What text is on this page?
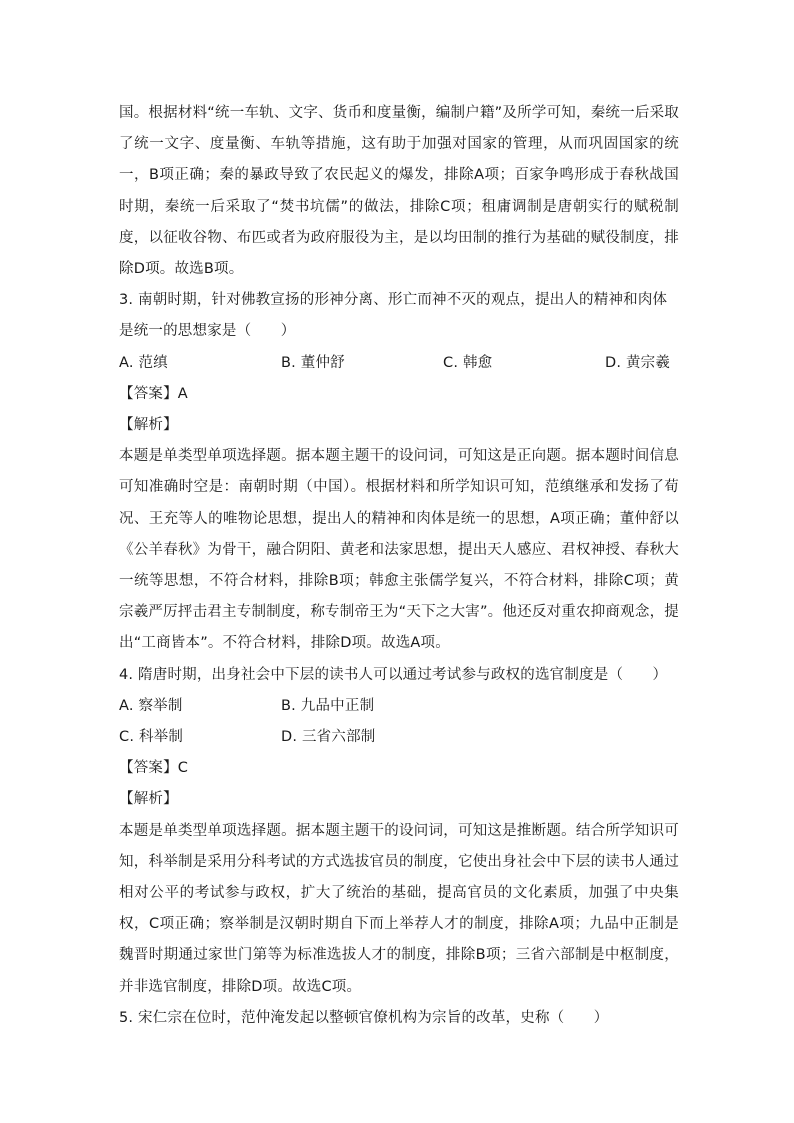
国。根据材料“统一车轨、文字、货币和度量衡，编制户籍”及所学可知，秦统一后采取了统一文字、度量衡、车轨等措施，这有助于加强对国家的管理，从而巩固国家的统一，B项正确；秦的暴政导致了农民起义的爆发，排除A项；百家争鸣形成于春秋战国时期，秦统一后采取了“焚书坑儒”的做法，排除C项；租庸调制是唐朝实行的赋税制度，以征收谷物、布匹或者为政府服役为主，是以均田制的推行为基础的赋役制度，排除D项。故选B项。

3. 南朝时期，针对佛教宣扬的形神分离、形亡而神不灭的观点，提出人的精神和肉体是统一的思想家是（　　）

A. 范缜	B. 董仲舒	C. 韩愈	D. 黄宗羲

【答案】A

【解析】

本题是单类型单项选择题。据本题主题干的设问词，可知这是正向题。据本题时间信息可知准确时空是：南朝时期（中国）。根据材料和所学知识可知，范缜继承和发扬了荀况、王充等人的唯物论思想，提出人的精神和肉体是统一的思想，A项正确；董仲舒以《公羊春秋》为骨干，融合阴阳、黄老和法家思想，提出天人感应、君权神授、春秋大一统等思想，不符合材料，排除B项；韩愈主张儒学复兴，不符合材料，排除C项；黄宗羲严厉抨击君主专制制度，称专制帝王为“天下之大害”。他还反对重农抑商观念，提出“工商皆本”。不符合材料，排除D项。故选A项。

4. 隋唐时期，出身社会中下层的读书人可以通过考试参与政权的选官制度是（　　）

A. 察举制	B. 九品中正制
C. 科举制	D. 三省六部制

【答案】C

【解析】

本题是单类型单项选择题。据本题主题干的设问词，可知这是推断题。结合所学知识可知，科举制是采用分科考试的方式选拔官员的制度，它使出身社会中下层的读书人通过相对公平的考试参与政权，扩大了统治的基础，提高官员的文化素质，加强了中央集权，C项正确；察举制是汉朝时期自下而上举荐人才的制度，排除A项；九品中正制是魏晋时期通过家世门第等为标准选拔人才的制度，排除B项；三省六部制是中枢制度，并非选官制度，排除D项。故选C项。

5. 宋仁宗在位时，范仲淹发起以整顿官僚机构为宗旨的改革，史称（　　）
